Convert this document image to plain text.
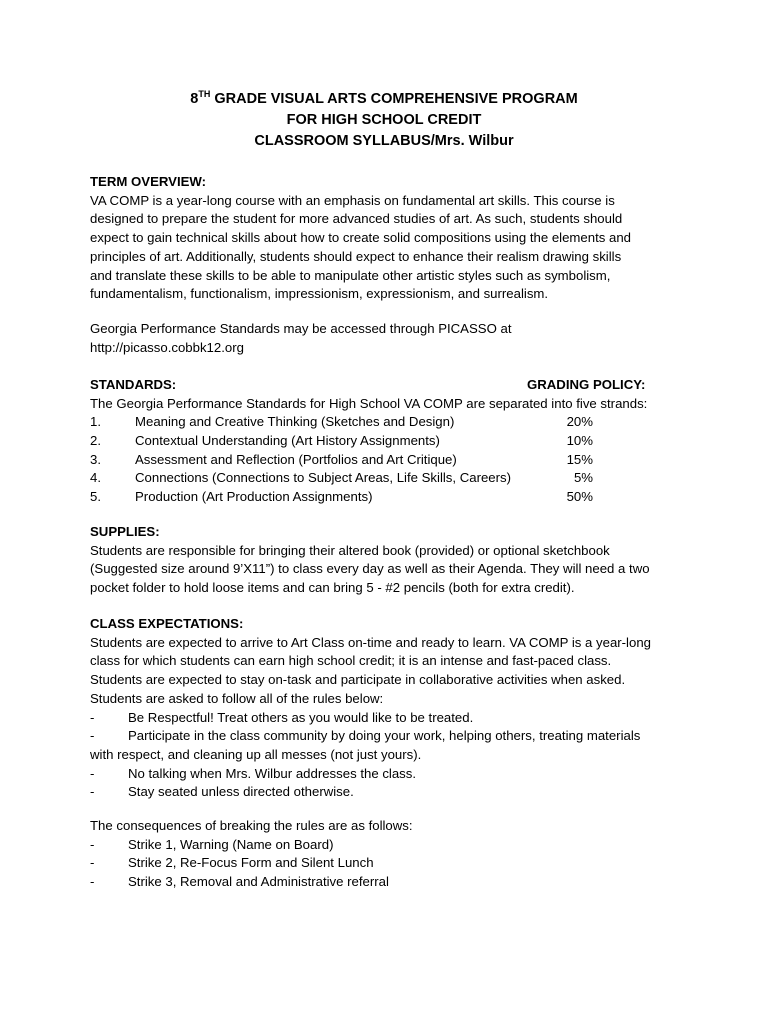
8TH GRADE VISUAL ARTS COMPREHENSIVE PROGRAM
FOR HIGH SCHOOL CREDIT
CLASSROOM SYLLABUS/Mrs. Wilbur
TERM OVERVIEW:
VA COMP is a year-long course with an emphasis on fundamental art skills. This course is
designed to prepare the student for more advanced studies of art. As such, students should
expect to gain technical skills about how to create solid compositions using the elements and
principles of art. Additionally, students should expect to enhance their realism drawing skills
and translate these skills to be able to manipulate other artistic styles such as symbolism,
fundamentalism, functionalism, impressionism, expressionism, and surrealism.
Georgia Performance Standards may be accessed through PICASSO at
http://picasso.cobbk12.org
STANDARDS:	GRADING POLICY:
The Georgia Performance Standards for High School VA COMP are separated into five strands:
1.	Meaning and Creative Thinking (Sketches and Design)	20%
2.	Contextual Understanding (Art History Assignments)	10%
3.	Assessment and Reflection (Portfolios and Art Critique)	15%
4.	Connections (Connections to Subject Areas, Life Skills, Careers)	5%
5.	Production (Art Production Assignments)	50%
SUPPLIES:
Students are responsible for bringing their altered book (provided) or optional sketchbook
(Suggested size around 9’X11”) to class every day as well as their Agenda. They will need a two
pocket folder to hold loose items and can bring 5 - #2 pencils (both for extra credit).
CLASS EXPECTATIONS:
Students are expected to arrive to Art Class on-time and ready to learn. VA COMP is a year-long
class for which students can earn high school credit; it is an intense and fast-paced class.
Students are expected to stay on-task and participate in collaborative activities when asked.
Students are asked to follow all of the rules below:
-	Be Respectful! Treat others as you would like to be treated.
-	Participate in the class community by doing your work, helping others, treating materials
with respect, and cleaning up all messes (not just yours).
-	No talking when Mrs. Wilbur addresses the class.
-	Stay seated unless directed otherwise.
The consequences of breaking the rules are as follows:
-	Strike 1, Warning (Name on Board)
-	Strike 2, Re-Focus Form and Silent Lunch
-	Strike 3, Removal and Administrative referral
